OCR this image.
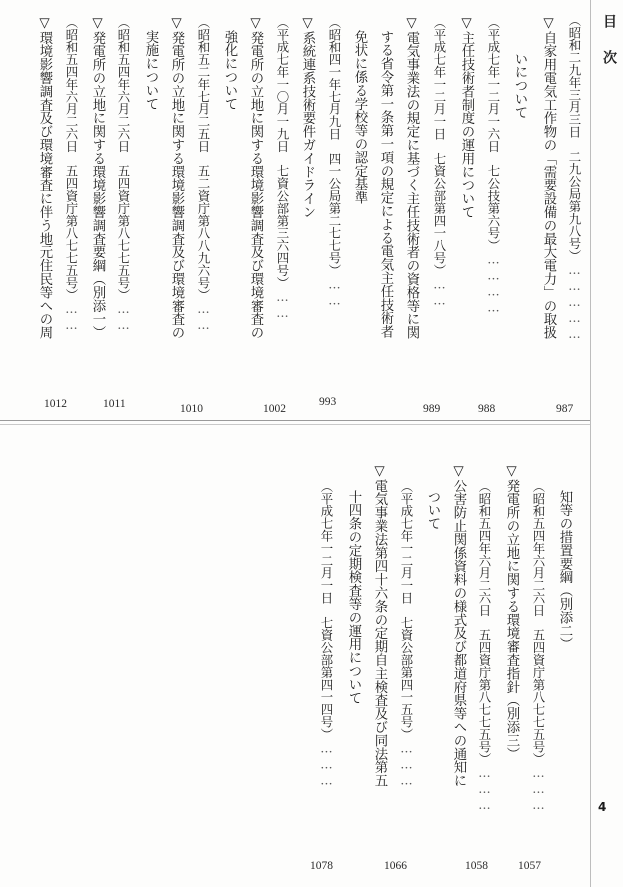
目次
4
▽自家用電気工作物の「需要設備の最大電力」の取扱
いについて	（昭和二九年三月三日　二九公局第九八号）……………
987
（平成七年一二月一六日　七公技第六号）…………
▽主任技術者制度の運用について
988
（平成七年一二月一日　七資公部第四一八号）……
▽電気事業法の規定に基づく主任技術者の資格等に関
する省令第一条第一項の規定による電気主任技術者
免状に係る学校等の認定基準
989
（昭和四一年七月九日　四一公局第二七七号）……
▽系統連系技術要件ガイドライン
993
（平成七年一〇月一九日　七資公部第三六四号）……
▽発電所の立地に関する環境影響調査及び環境審査の
強化について
1002
（昭和五二年七月二五日　五二資庁第八八九六号）……
▽発電所の立地に関する環境影響調査及び環境審査の
実施について
1010
（昭和五四年六月二六日　五四資庁第八七七五号）……
▽発電所の立地に関する環境影響調査要綱（別添一）
1011
（昭和五四年六月二六日　五四資庁第八七七五号）……
▽環境影響調査及び環境審査に伴う地元住民等への周
1012
知等の措置要綱（別添二）
（昭和五四年六月二六日　五四資庁第八七七五号）………
1057
▽発電所の立地に関する環境審査指針（別添三）
（昭和五四年六月二六日　五四資庁第八七七五号）………
1058
▽公害防止関係資料の様式及び都道府県等への通知に
ついて
（平成七年一二月一日　七資公部第四一五号）………
1066
▽電気事業法第四十六条の定期自主検査及び同法第五
十四条の定期検査等の運用について
（平成七年一二月一日　七資公部第四一四号）………
1078
